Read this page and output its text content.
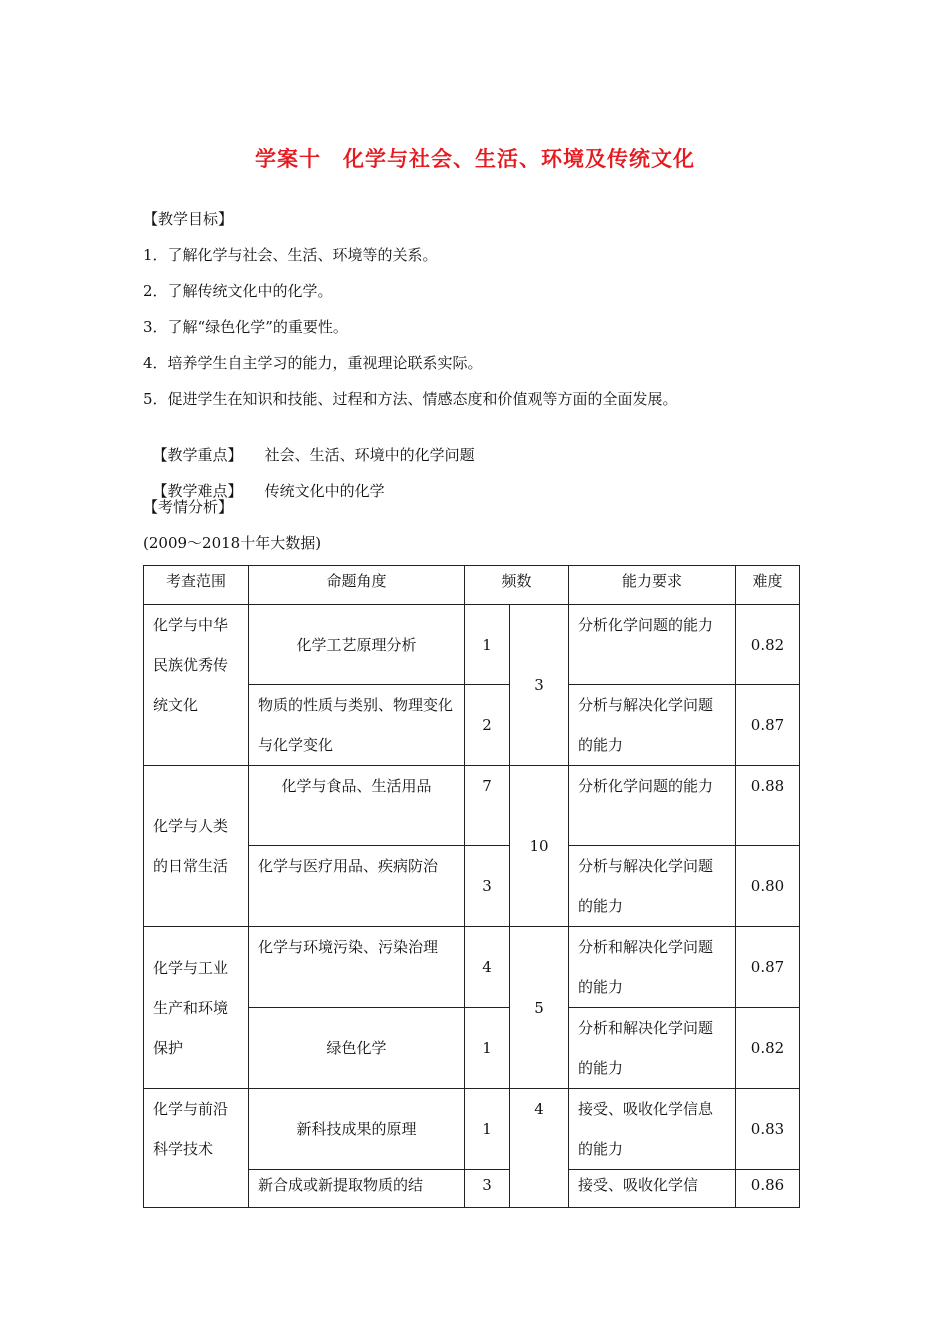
学案十　化学与社会、生活、环境及传统文化
【教学目标】
1．了解化学与社会、生活、环境等的关系。
2．了解传统文化中的化学。
3．了解“绿色化学”的重要性。
4．培养学生自主学习的能力，重视理论联系实际。
5．促进学生在知识和技能、过程和方法、情感态度和价值观等方面的全面发展。

【教学重点】 社会、生活、环境中的化学问题

【教学难点】 传统文化中的化学

【考情分析】
(2009～2018十年大数据)
考查范围	命题角度	频数		能力要求	难度

化学与中华民族优秀传统文化	化学工艺原理分析	1	3	分析化学问题的能力	0.82

	物质的性质与类别、物理变化与化学变化	2		分析与解决化学问题的能力	0.87

化学与人类的日常生活	化学与食品、生活用品	7	10	分析化学问题的能力	0.88

	化学与医疗用品、疾病防治	3		分析与解决化学问题的能力	0.80

化学与工业生产和环境保护	化学与环境污染、污染治理	4	5	分析和解决化学问题的能力	0.87

	绿色化学	1		分析和解决化学问题的能力	0.82

化学与前沿科学技术	新科技成果的原理	1	4	接受、吸收化学信息的能力	0.83

	新合成或新提取物质的结	3		接受、吸收化学信	0.86
